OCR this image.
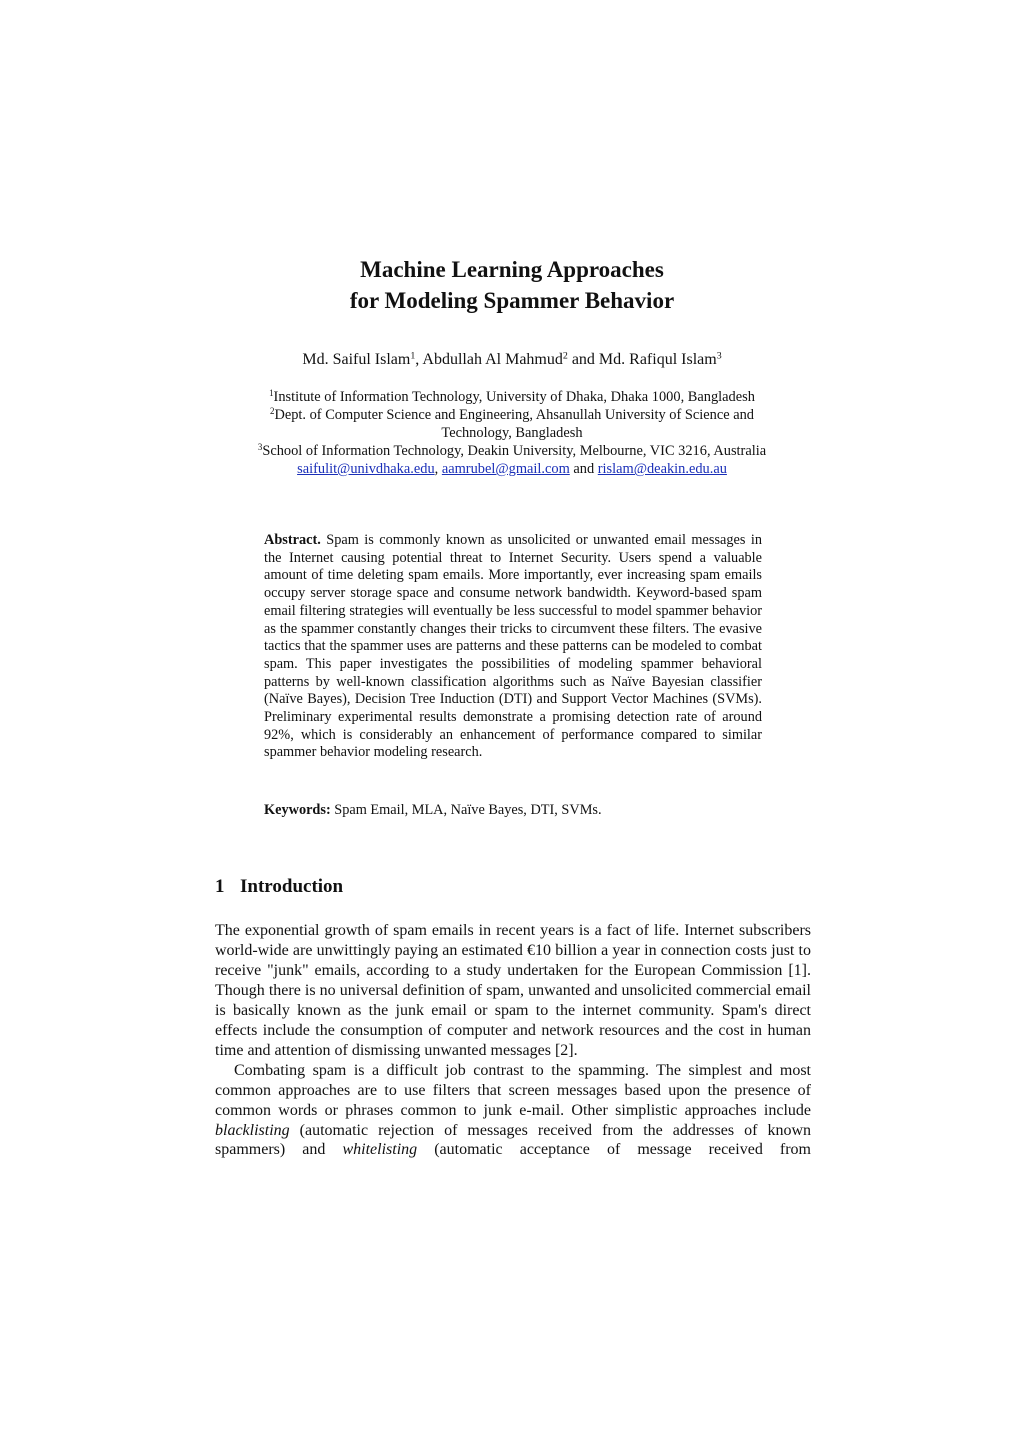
Machine Learning Approaches
for Modeling Spammer Behavior
Md. Saiful Islam$^1$, Abdullah Al Mahmud$^2$ and Md. Rafiqul Islam$^3$
$^1$Institute of Information Technology, University of Dhaka, Dhaka 1000, Bangladesh
$^2$Dept. of Computer Science and Engineering, Ahsanullah University of Science and
Technology, Bangladesh
$^3$School of Information Technology, Deakin University, Melbourne, VIC 3216, Australia
saifulit@univdhaka.edu, aamrubel@gmail.com and rislam@deakin.edu.au
Abstract. Spam is commonly known as unsolicited or unwanted email messages in the Internet causing potential threat to Internet Security. Users spend a valuable amount of time deleting spam emails. More importantly, ever increasing spam emails occupy server storage space and consume network bandwidth. Keyword-based spam email filtering strategies will eventually be less successful to model spammer behavior as the spammer constantly changes their tricks to circumvent these filters. The evasive tactics that the spammer uses are patterns and these patterns can be modeled to combat spam. This paper investigates the possibilities of modeling spammer behavioral patterns by well-known classification algorithms such as Naïve Bayesian classifier (Naïve Bayes), Decision Tree Induction (DTI) and Support Vector Machines (SVMs). Preliminary experimental results demonstrate a promising detection rate of around 92%, which is considerably an enhancement of performance compared to similar spammer behavior modeling research.
Keywords: Spam Email, MLA, Naïve Bayes, DTI, SVMs.
1 Introduction

The exponential growth of spam emails in recent years is a fact of life. Internet subscribers world-wide are unwittingly paying an estimated €10 billion a year in connection costs just to receive "junk" emails, according to a study undertaken for the European Commission [1]. Though there is no universal definition of spam, unwanted and unsolicited commercial email is basically known as the junk email or spam to the internet community. Spam's direct effects include the consumption of computer and network resources and the cost in human time and attention of dismissing unwanted messages [2].

Combating spam is a difficult job contrast to the spamming. The simplest and most common approaches are to use filters that screen messages based upon the presence of common words or phrases common to junk e-mail. Other simplistic approaches include blacklisting (automatic rejection of messages received from the addresses of known spammers) and whitelisting (automatic acceptance of message received from
